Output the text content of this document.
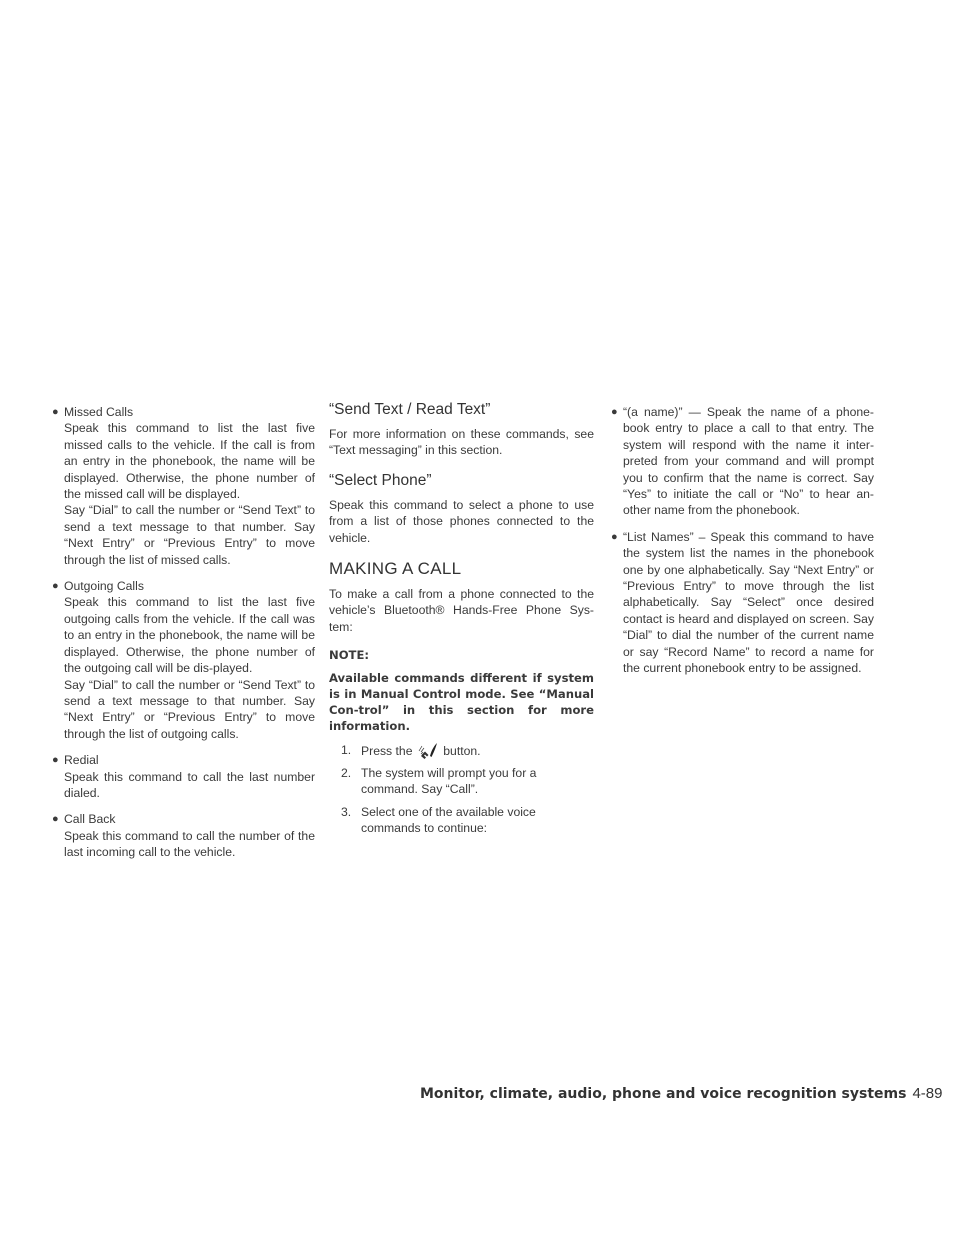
● Missed Calls

Speak this command to list the last five missed calls to the vehicle. If the call is from an entry in the phonebook, the name will be displayed. Otherwise, the phone number of the missed call will be displayed.

Say “Dial” to call the number or “Send Text” to send a text message to that number. Say “Next Entry” or “Previous Entry” to move through the list of missed calls.

● Outgoing Calls

Speak this command to list the last five outgoing calls from the vehicle. If the call was to an entry in the phonebook, the name will be displayed. Otherwise, the phone number of the outgoing call will be dis-played.

Say “Dial” to call the number or “Send Text” to send a text message to that number. Say “Next Entry” or “Previous Entry” to move through the list of outgoing calls.

● Redial

Speak this command to call the last number dialed.

● Call Back

Speak this command to call the number of the last incoming call to the vehicle.

“Send Text / Read Text”

For more information on these commands, see “Text messaging” in this section.

“Select Phone”

Speak this command to select a phone to use from a list of those phones connected to the vehicle.

MAKING A CALL

To make a call from a phone connected to the vehicle’s Bluetooth® Hands-Free Phone Sys-tem:

NOTE:

Available commands different if system is in Manual Control mode. See “Manual Con-trol” in this section for more information.

1. Press the	button.
2. The system will prompt you for a command. Say “Call”.
3. Select one of the available voice commands to continue:
● “(a name)” — Speak the name of a phone-book entry to place a call to that entry. The system will respond with the name it inter-preted from your command and will prompt you to confirm that the name is correct. Say “Yes” to initiate the call or “No” to hear an-other name from the phonebook.

● “List Names” – Speak this command to have the system list the names in the phonebook one by one alphabetically. Say “Next Entry” or “Previous Entry” to move through the list alphabetically. Say “Select” once desired contact is heard and displayed on screen. Say “Dial” to dial the number of the current name or say “Record Name” to record a name for the current phonebook entry to be assigned.

Monitor, climate, audio, phone and voice recognition systems 4-89
